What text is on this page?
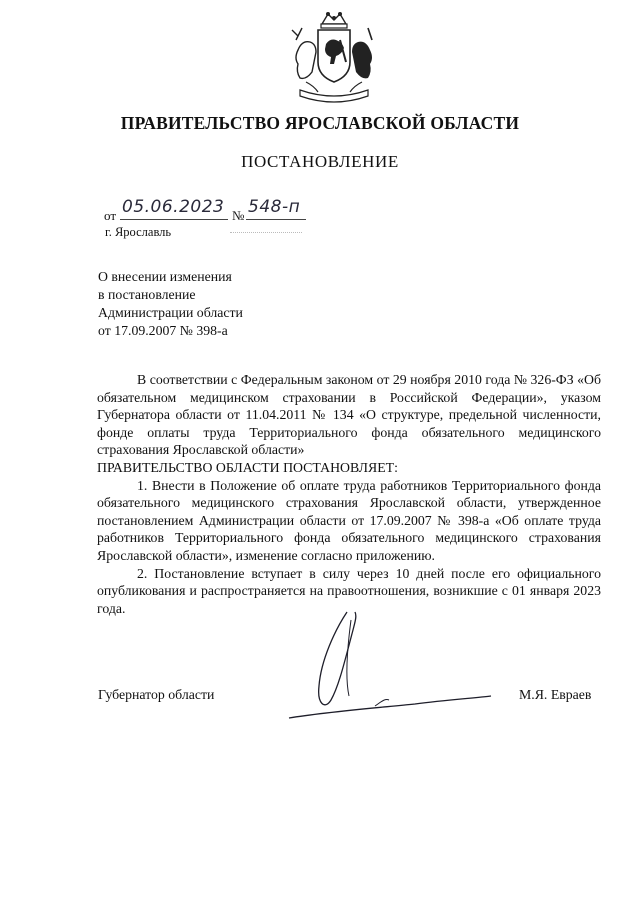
ПРАВИТЕЛЬСТВО ЯРОСЛАВСКОЙ ОБЛАСТИ
ПОСТАНОВЛЕНИЕ
от 05.06.2023 № 548-п
г. Ярославль
О внесении изменения
в постановление
Администрации области
от 17.09.2007 № 398-а

В соответствии с Федеральным законом от 29 ноября 2010 года № 326-ФЗ «Об обязательном медицинском страховании в Российской Федерации», указом Губернатора области от 11.04.2011 № 134 «О структуре, предельной численности, фонде оплаты труда Территориального фонда обязательного медицинского страхования Ярославской области»

ПРАВИТЕЛЬСТВО ОБЛАСТИ ПОСТАНОВЛЯЕТ:

1. Внести в Положение об оплате труда работников Территориального фонда обязательного медицинского страхования Ярославской области, утвержденное постановлением Администрации области от 17.09.2007 № 398-а «Об оплате труда работников Территориального фонда обязательного медицинского страхования Ярославской области», изменение согласно приложению.

2. Постановление вступает в силу через 10 дней после его официального опубликования и распространяется на правоотношения, возникшие с 01 января 2023 года.

Губернатор области	М.Я. Евраев
